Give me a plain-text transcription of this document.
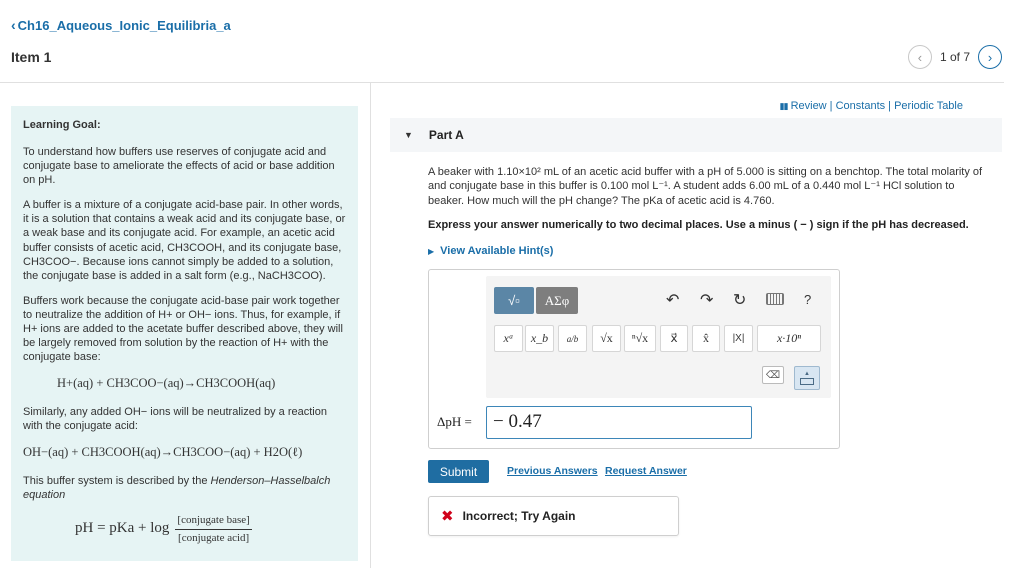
‹ Ch16_Aqueous_Ionic_Equilibria_a
Item 1	‹ 1 of 7 ›

Learning Goal:

To understand how buffers use reserves of conjugate acid and conjugate base to ameliorate the effects of acid or base addition on pH.

A buffer is a mixture of a conjugate acid-base pair. In other words, it is a solution that contains a weak acid and its conjugate base, or a weak base and its conjugate acid. For example, an acetic acid buffer consists of acetic acid, CH3COOH, and its conjugate base, CH3COO−. Because ions cannot simply be added to a solution, the conjugate base is added in a salt form (e.g., NaCH3COO).

Buffers work because the conjugate acid-base pair work together to neutralize the addition of H+ or OH− ions. Thus, for example, if H+ ions are added to the acetate buffer described above, they will be largely removed from solution by the reaction of H+ with the conjugate base:

H+(aq) + CH3COO−(aq)→CH3COOH(aq)

Similarly, any added OH− ions will be neutralized by a reaction with the conjugate acid:

OH−(aq) + CH3COOH(aq)→CH3COO−(aq) + H2O(ℓ)

This buffer system is described by the Henderson–Hasselbalch equation

pH = pKa + $\log \frac{\text{[conjugate base]}}{\text{[conjugate acid]}}$
▮▮ Review | Constants | Periodic Table
▼ Part A
A beaker with 1.10×10² mL of an acetic acid buffer with a pH of 5.000 is sitting on a benchtop. The total molarity of
and conjugate base in this buffer is 0.100 mol L⁻¹. A student adds 6.00 mL of a 0.440 mol L⁻¹ HCl solution to
beaker. How much will the pH change? The pKa of acetic acid is 4.760.
Express your answer numerically to two decimal places. Use a minus ( − ) sign if the pH has decreased.
▶ View Available Hint(s)
√▫ ΑΣφ	↶ ↷ ↻	?
xᵃ	x_b	a/b	√x	ⁿ√x	x⃗	x̂	|X|	x·10ⁿ
⌫	▲
ΔpH =	− 0.47
Submit	Previous Answers Request Answer
✖ Incorrect; Try Again
